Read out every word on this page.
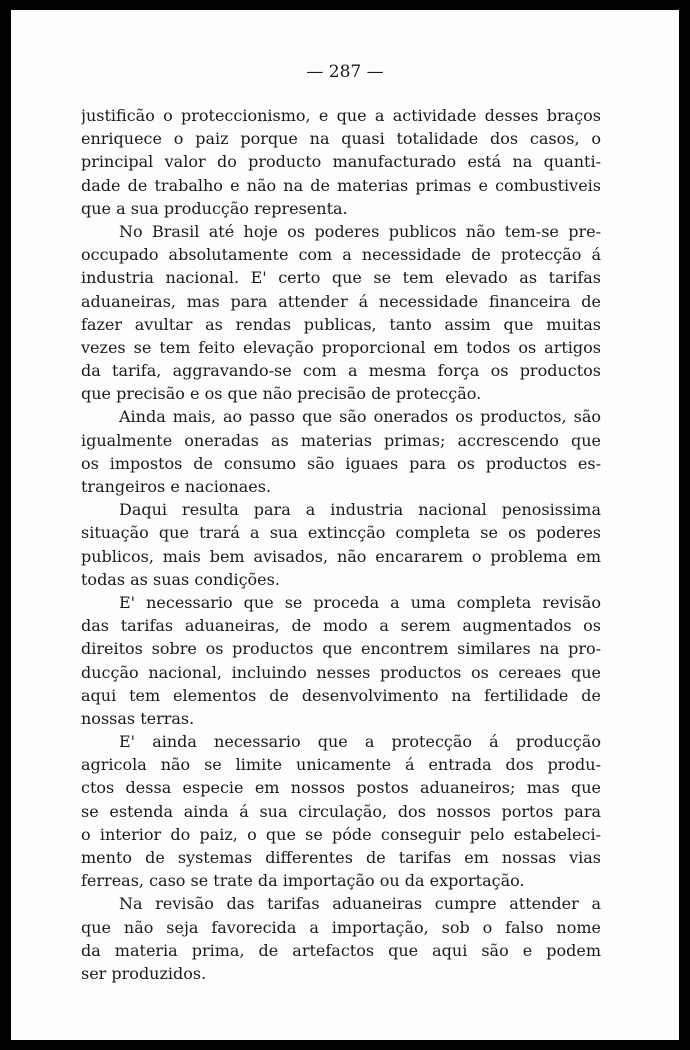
— 287 —
justificão o proteccionismo, e que a actividade desses braços
enriquece o paiz porque na quasi totalidade dos casos, o
principal valor do producto manufacturado está na quanti-
dade de trabalho e não na de materias primas e combustiveis
que a sua producção representa.
No Brasil até hoje os poderes publicos não tem-se pre-
occupado absolutamente com a necessidade de protecção á
industria nacional. E' certo que se tem elevado as tarifas
aduaneiras, mas para attender á necessidade financeira de
fazer avultar as rendas publicas, tanto assim que muitas
vezes se tem feito elevação proporcional em todos os artigos
da tarifa, aggravando-se com a mesma força os productos
que precisão e os que não precisão de protecção.
Ainda mais, ao passo que são onerados os productos, são
igualmente oneradas as materias primas; accrescendo que
os impostos de consumo são iguaes para os productos es-
trangeiros e nacionaes.
Daqui resulta para a industria nacional penosissima
situação que trará a sua extincção completa se os poderes
publicos, mais bem avisados, não encararem o problema em
todas as suas condições.
E' necessario que se proceda a uma completa revisão
das tarifas aduaneiras, de modo a serem augmentados os
direitos sobre os productos que encontrem similares na pro-
ducção nacional, incluindo nesses productos os cereaes que
aqui tem elementos de desenvolvimento na fertilidade de
nossas terras.
E' ainda necessario que a protecção á producção
agricola não se limite unicamente á entrada dos produ-
ctos dessa especie em nossos postos aduaneiros; mas que
se estenda ainda á sua circulação, dos nossos portos para
o interior do paiz, o que se póde conseguir pelo estabeleci-
mento de systemas differentes de tarifas em nossas vias
ferreas, caso se trate da importação ou da exportação.
Na revisão das tarifas aduaneiras cumpre attender a
que não seja favorecida a importação, sob o falso nome
da materia prima, de artefactos que aqui são e podem
ser produzidos.
